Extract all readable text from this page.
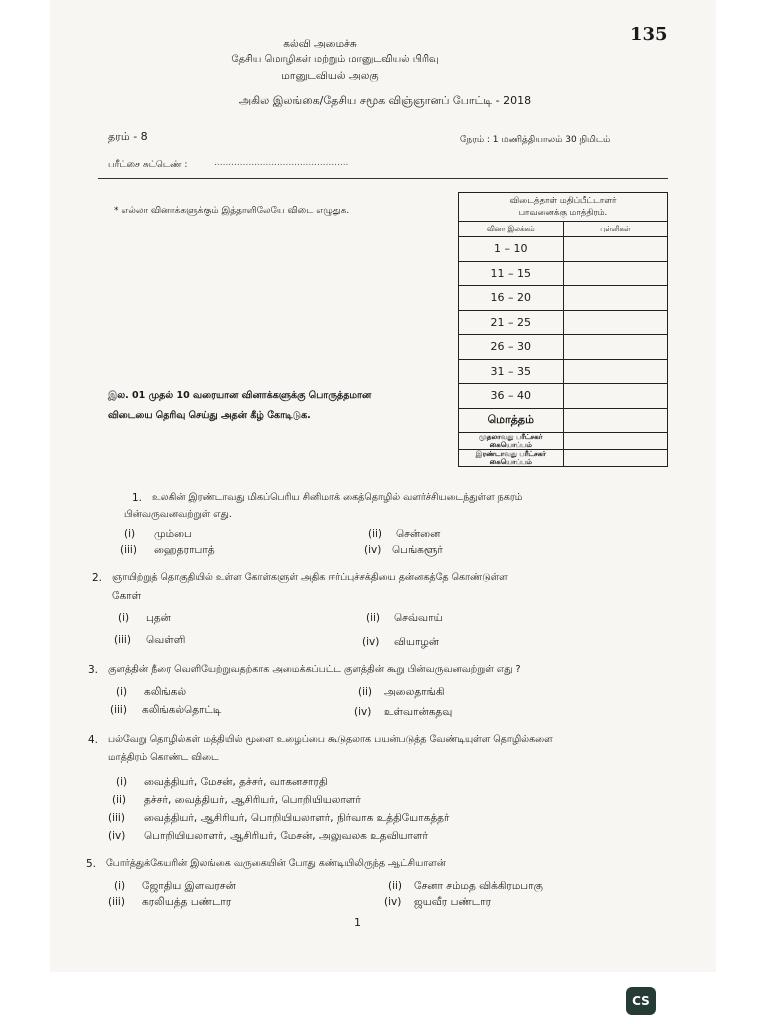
135
கல்வி அமைச்சு
தேசிய மொழிகள் மற்றும் மானுடவியல் பிரிவு
மானுடவியல் அலகு
அகில இலங்கை/தேசிய சமூக விஞ்ஞானப் போட்டி - 2018
தரம் - 8	நேரம் : 1 மணித்தியாலம் 30 நிமிடம்
பரீட்சை சுட்டெண் :	...............................................
* எல்லா வினாக்களுக்கும் இத்தாளிலேயே விடை எழுதுக.
விடைத்தாள் மதிப்பீட்டாளர்
பாவனைக்கு மாத்திரம்.	

வினா இலக்கம்	புள்ளிகள்
1 – 10	
11 – 15	
16 – 20	
21 – 25	
26 – 30	
31 – 35	
36 – 40	
மொத்தம்	
முதலாவது பரீட்சகர் கையொப்பம்	
இரண்டாவது பரீட்சகர் கையொப்பம்	
இல. 01 முதல் 10 வரையான வினாக்களுக்கு பொருத்தமான
விடையை தெரிவு செய்து அதன் கீழ் கோடிடுக.
1. உலகின் இரண்டாவது மிகப்பெரிய சினிமாக் கைத்தொழில் வளர்ச்சியடைந்துள்ள நகரம்
பின்வருவனவற்றுள் எது.
(i) மும்பை	(ii) சென்னை
(iii) ஹைதராபாத்	(iv) பெங்களூர்
2. ஞாயிற்றுத் தொகுதியில் உள்ள கோள்களுள் அதிக ஈர்ப்புச்சக்தியை தன்னகத்தே கொண்டுள்ள
கோள்
(i) புதன்	(ii) செவ்வாய்
(iii) வெள்ளி	(iv) வியாழன்
3. குளத்தின் நீரை வெளியேற்றுவதற்காக அமைக்கப்பட்ட குளத்தின் கூறு பின்வருவனவற்றுள் எது ?
(i) கலிங்கல்	(ii) அலைதாங்கி
(iii) கலிங்கல்தொட்டி	(iv) உள்வான்கதவு
4. பல்வேறு தொழில்கள் மத்தியில் மூளை உழைப்பை கூடுதலாக பயன்படுத்த வேண்டியுள்ள தொழில்களை
மாத்திரம் கொண்ட விடை
(i) வைத்தியர், மேசன், தச்சர், வாகனசாரதி
(ii) தச்சர், வைத்தியர், ஆசிரியர், பொறியியலாளர்
(iii) வைத்தியர், ஆசிரியர், பொறியியலாளர், நிர்வாக உத்தியோகத்தர்
(iv) பொறியியலாளர், ஆசிரியர், மேசன், அலுவலக உதவியாளர்
5. போர்த்துக்கேயரின் இலங்கை வருகையின் போது கண்டியிலிருந்த ஆட்சியாளன்
(i) ஜோதிய இளவரசன்	(ii) சேனா சம்மத விக்கிரமபாகு
(iii) கரலியத்த பண்டார	(iv) ஜயவீர பண்டார
1
CS
